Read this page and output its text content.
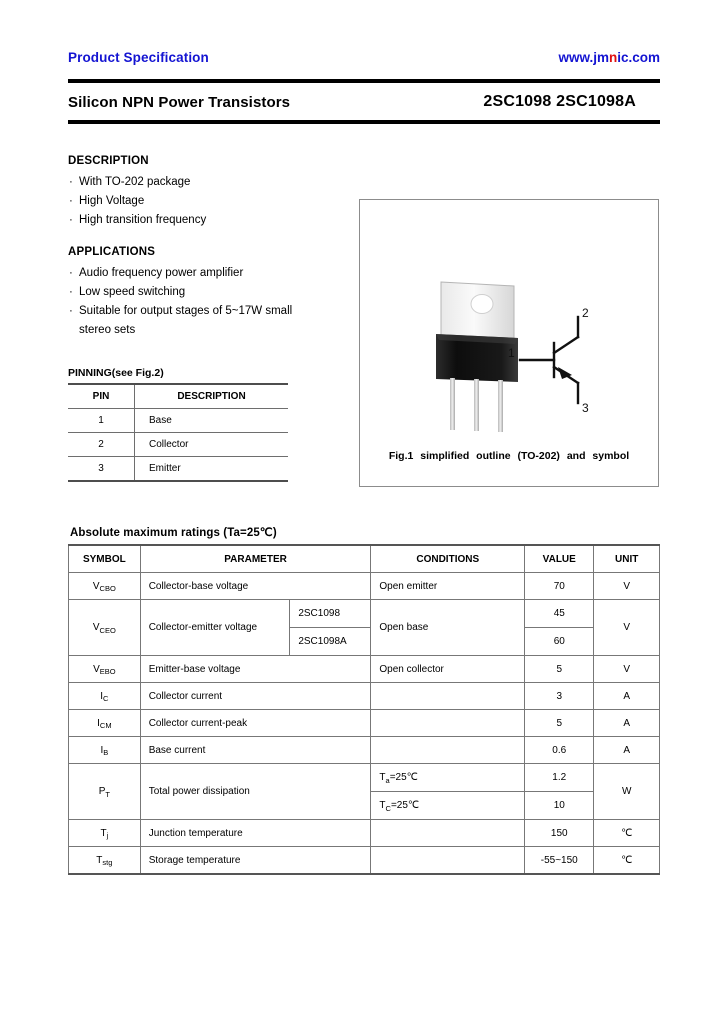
Product Specification	www.jmnic.com
Silicon NPN Power Transistors	2SC1098 2SC1098A
DESCRIPTION
· With TO-202 package
· High Voltage
· High transition frequency
APPLICATIONS
· Audio frequency power amplifier
· Low speed switching
· Suitable for output stages of 5~17W small
stereo sets
PINNING(see Fig.2)
PIN	DESCRIPTION
1	Base
2	Collector
3	Emitter
2
1
3
Fig.1 simplified outline (TO-202) and symbol
Absolute maximum ratings (Ta=25℃)
SYMBOL	PARAMETER		CONDITIONS	VALUE	UNIT
$V_{CBO}$	Collector-base voltage		Open emitter	70	V
$V_{CEO}$	Collector-emitter voltage	2SC1098	Open base	45	V
		2SC1098A		60	
$V_{EBO}$	Emitter-base voltage		Open collector	5	V
$I_C$	Collector current			3	A
$I_{CM}$	Collector current-peak			5	A
$I_B$	Base current			0.6	A
$P_T$	Total power dissipation		$T_a=25℃$	1.2	W
			$T_C=25℃$	10	
$T_j$	Junction temperature			150	℃
$T_{stg}$	Storage temperature			-55~150	℃
